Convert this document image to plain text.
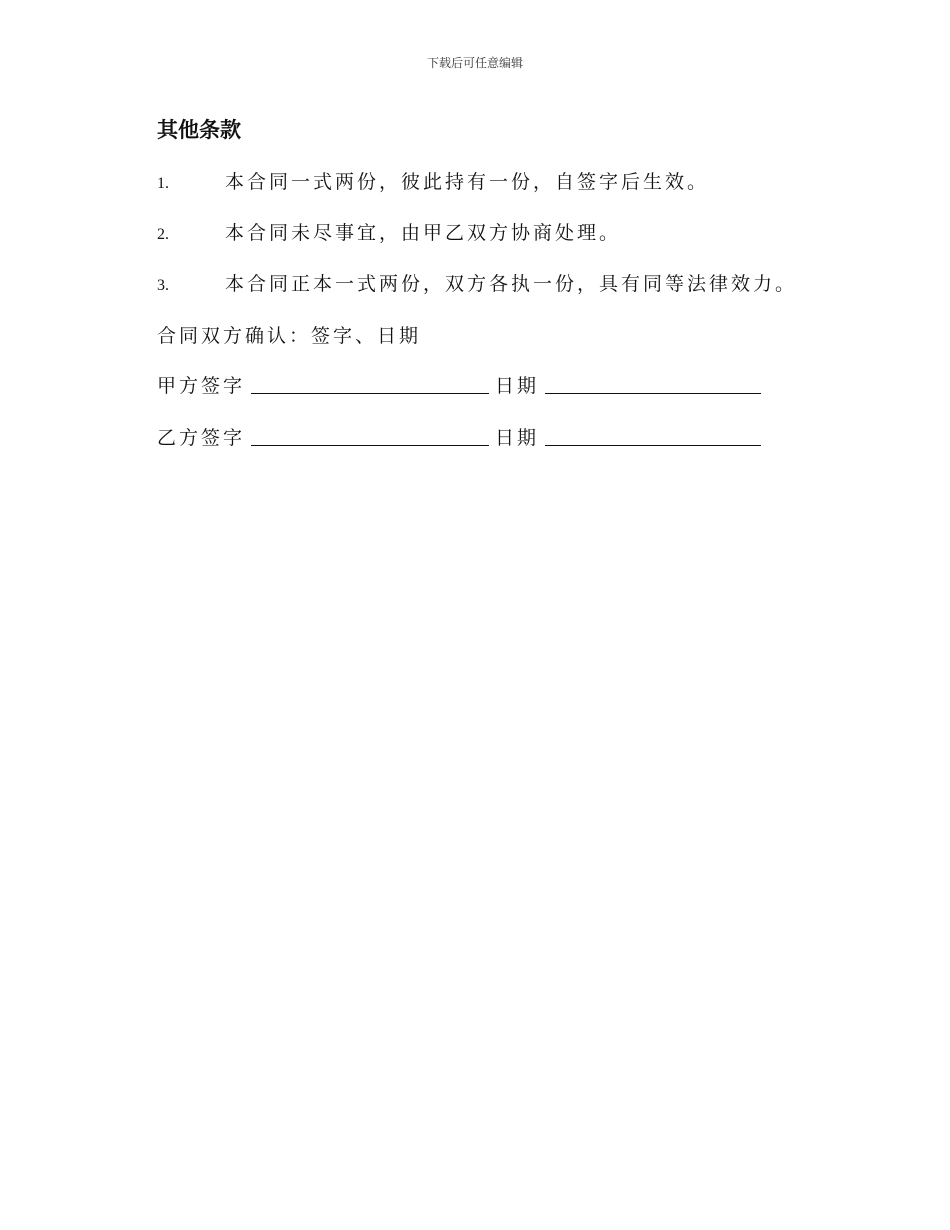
下载后可任意编辑
其他条款
1.	本合同一式两份，彼此持有一份，自签字后生效。
2.	本合同未尽事宜，由甲乙双方协商处理。
3.	本合同正本一式两份，双方各执一份，具有同等法律效力。
合同双方确认：签字、日期
甲方签字	日期
乙方签字	日期
